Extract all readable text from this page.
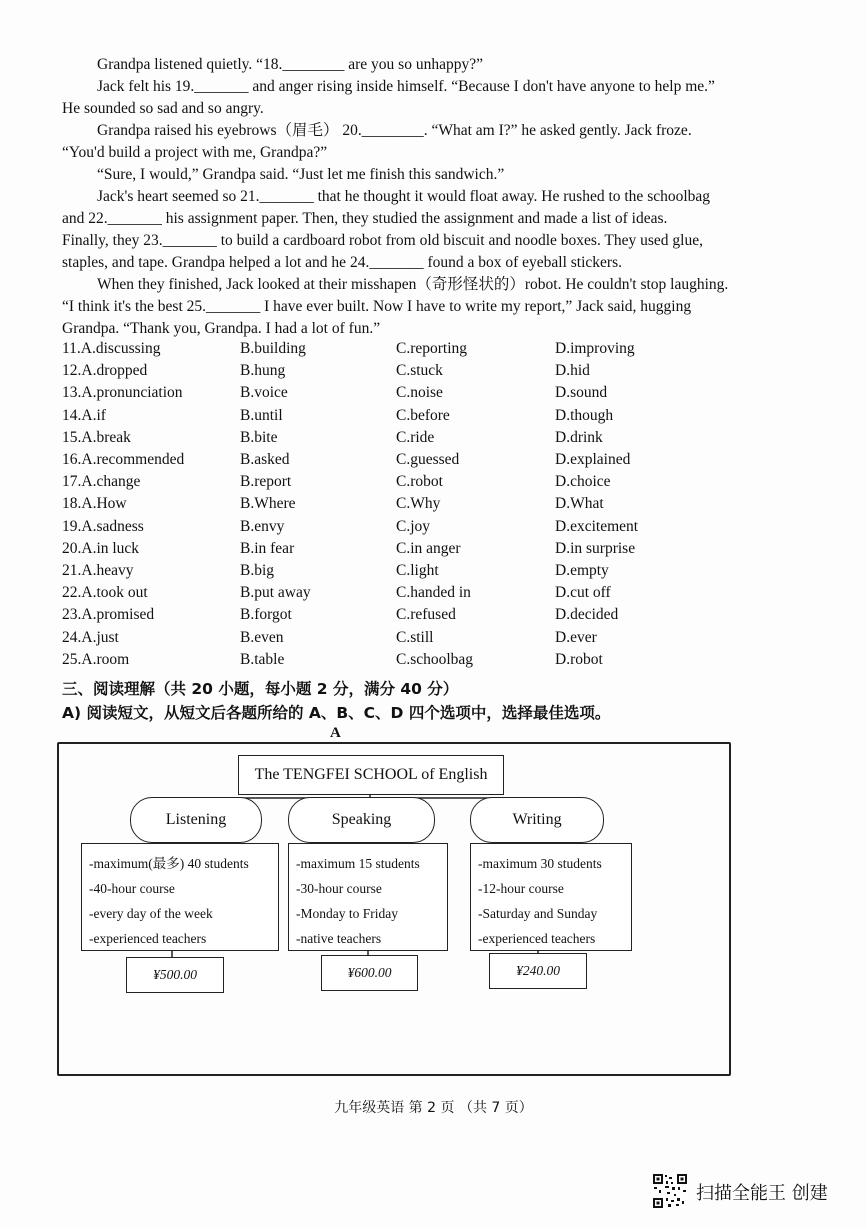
Grandpa listened quietly. “18.________ are you so unhappy?”
Jack felt his 19._______ and anger rising inside himself. “Because I don't have anyone to help me.”
He sounded so sad and so angry.
Grandpa raised his eyebrows（眉毛） 20.________. “What am I?” he asked gently. Jack froze.
“You'd build a project with me, Grandpa?”
“Sure, I would,” Grandpa said. “Just let me finish this sandwich.”
Jack's heart seemed so 21._______ that he thought it would float away. He rushed to the schoolbag
and 22._______ his assignment paper. Then, they studied the assignment and made a list of ideas.
Finally, they 23._______ to build a cardboard robot from old biscuit and noodle boxes. They used glue,
staples, and tape. Grandpa helped a lot and he 24._______ found a box of eyeball stickers.
When they finished, Jack looked at their misshapen（奇形怪状的）robot. He couldn't stop laughing.
“I think it's the best 25._______ I have ever built. Now I have to write my report,” Jack said, hugging
Grandpa. “Thank you, Grandpa. I had a lot of fun.”
11.A.discussing	B.building	C.reporting	D.improving
12.A.dropped	B.hung	C.stuck	D.hid
13.A.pronunciation	B.voice	C.noise	D.sound
14.A.if	B.until	C.before	D.though
15.A.break	B.bite	C.ride	D.drink
16.A.recommended	B.asked	C.guessed	D.explained
17.A.change	B.report	C.robot	D.choice
18.A.How	B.Where	C.Why	D.What
19.A.sadness	B.envy	C.joy	D.excitement
20.A.in luck	B.in fear	C.in anger	D.in surprise
21.A.heavy	B.big	C.light	D.empty
22.A.took out	B.put away	C.handed in	D.cut off
23.A.promised	B.forgot	C.refused	D.decided
24.A.just	B.even	C.still	D.ever
25.A.room	B.table	C.schoolbag	D.robot
三、阅读理解（共 20 小题，每小题 2 分，满分 40 分）
A) 阅读短文，从短文后各题所给的 A、B、C、D 四个选项中，选择最佳选项。
A
The TENGFEI SCHOOL of English
Listening	Speaking	Writing
-maximum(最多) 40 students
-40-hour course
-every day of the week
-experienced teachers
-maximum 15 students
-30-hour course
-Monday to Friday
-native teachers
-maximum 30 students
-12-hour course
-Saturday and Sunday
-experienced teachers
¥500.00	¥600.00	¥240.00
九年级英语 第 2 页 （共 7 页）
扫描全能王 创建
